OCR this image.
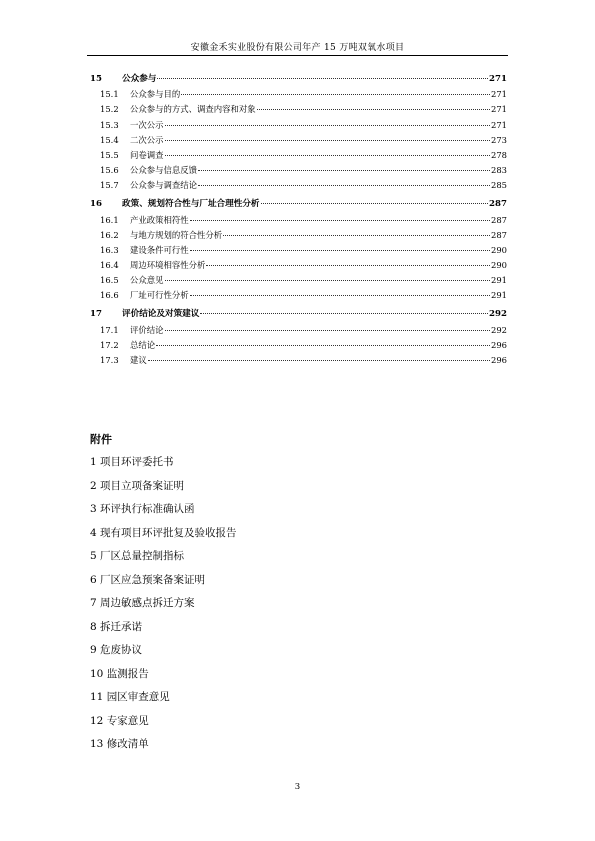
安徽金禾实业股份有限公司年产 15 万吨双氧水项目
15	公众参与	271
15.1	公众参与目的	271
15.2	公众参与的方式、调查内容和对象	271
15.3	一次公示	271
15.4	二次公示	273
15.5	问卷调查	278
15.6	公众参与信息反馈	283
15.7	公众参与调查结论	285
16	政策、规划符合性与厂址合理性分析	287
16.1	产业政策相符性	287
16.2	与地方规划的符合性分析	287
16.3	建设条件可行性	290
16.4	周边环境相容性分析	290
16.5	公众意见	291
16.6	厂址可行性分析	291
17	评价结论及对策建议	292
17.1	评价结论	292
17.2	总结论	296
17.3	建议	296
附件
1 项目环评委托书
2 项目立项备案证明
3 环评执行标准确认函
4 现有项目环评批复及验收报告
5 厂区总量控制指标
6 厂区应急预案备案证明
7 周边敏感点拆迁方案
8 拆迁承诺
9 危废协议
10 监测报告
11 园区审查意见
12 专家意见
13 修改清单
3
